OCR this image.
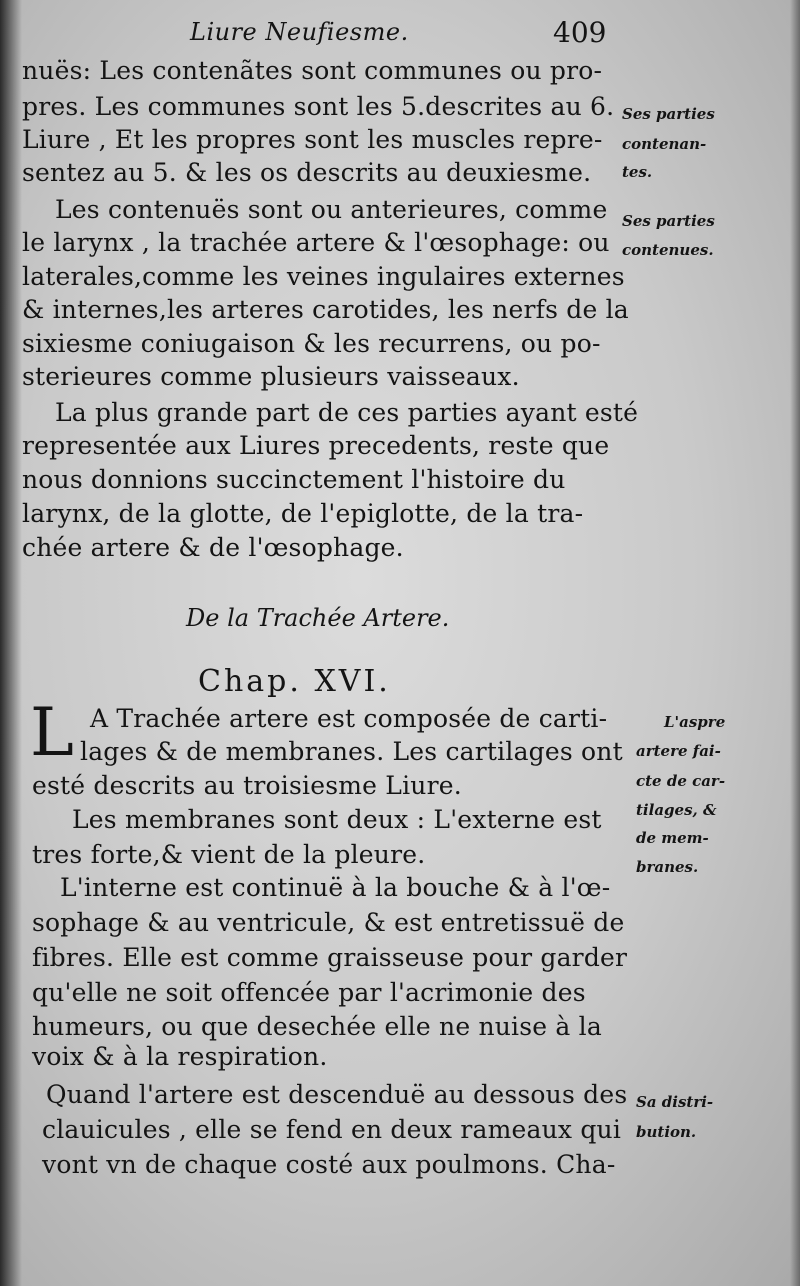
Liure Neufiesme.	409
nuës: Les contenãtes sont communes ou pro-
pres. Les communes sont les 5.descrites au 6.
Liure , Et les propres sont les muscles repre-
sentez au 5. & les os descrits au deuxiesme.
Les contenuës sont ou anterieures, comme
le larynx , la trachée artere & l'œsophage: ou
laterales,comme les veines ingulaires externes
& internes,les arteres carotides, les nerfs de la
sixiesme coniugaison & les recurrens, ou po-
sterieures comme plusieurs vaisseaux.
La plus grande part de ces parties ayant esté
representée aux Liures precedents, reste que
nous donnions succinctement l'histoire du
larynx, de la glotte, de l'epiglotte, de la tra-
chée artere & de l'œsophage.
De la Trachée Artere.
Chap. XVI.
L A Trachée artere est composée de carti-
lages & de membranes. Les cartilages ont
esté descrits au troisiesme Liure.
Les membranes sont deux : L'externe est
tres forte,& vient de la pleure.
L'interne est continuë à la bouche & à l'œ-
sophage & au ventricule, & est entretissuë de
fibres. Elle est comme graisseuse pour garder
qu'elle ne soit offencée par l'acrimonie des
humeurs, ou que desechée elle ne nuise à la
voix & à la respiration.
Quand l'artere est descenduë au dessous des
clauicules , elle se fend en deux rameaux qui
vont vn de chaque costé aux poulmons. Cha-
Ses parties
contenan-
tes.
Ses parties
contenues.
L'aspre
artere fai-
cte de car-
tilages, &
de mem-
branes.
Sa distri-
bution.
